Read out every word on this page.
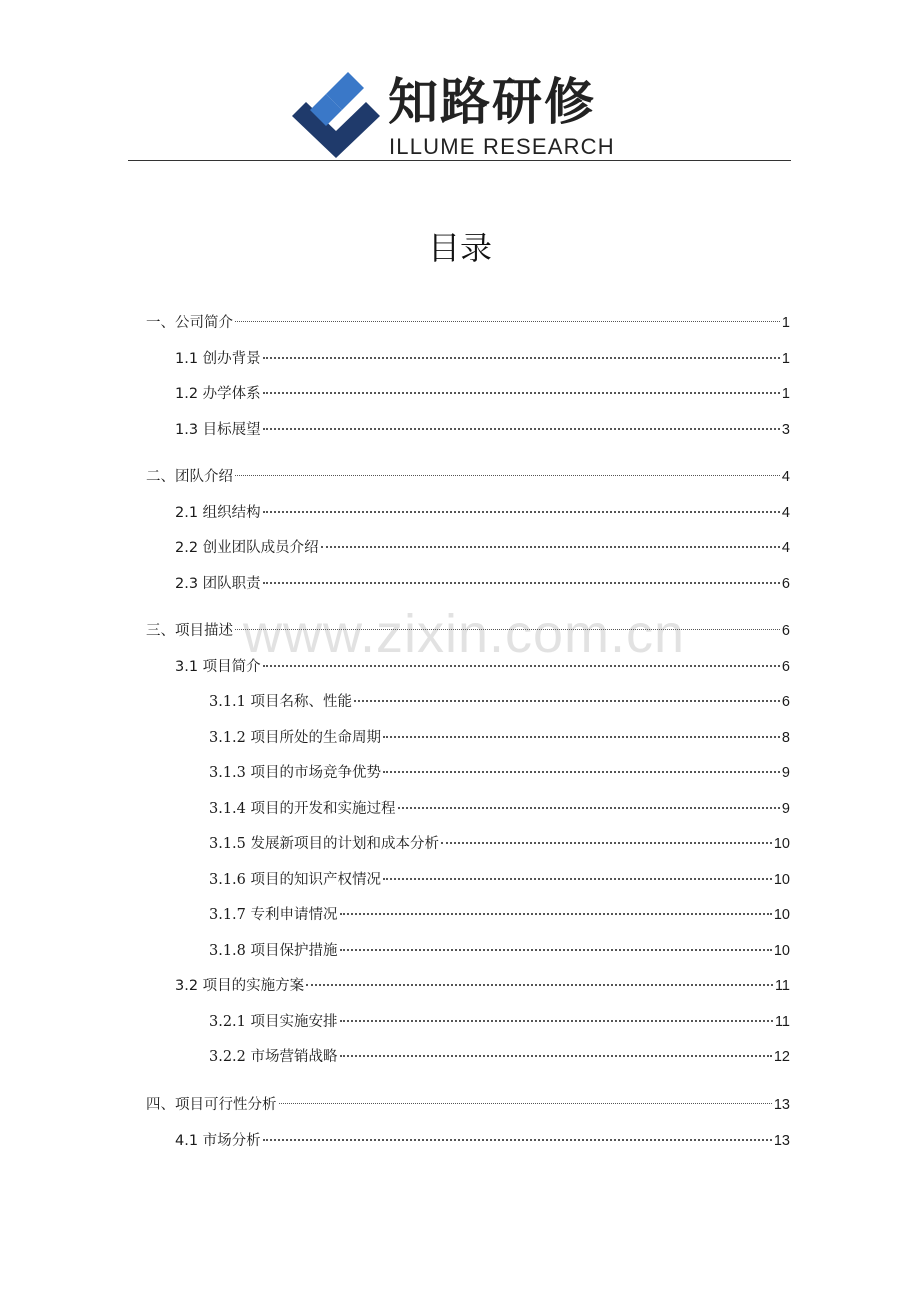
知路研修
ILLUME RESEARCH
目录
www.zixin.com.cn
一、公司简介	1
1.1 创办背景	1
1.2 办学体系	1
1.3 目标展望	3
二、团队介绍	4
2.1 组织结构	4
2.2 创业团队成员介绍	4
2.3 团队职责	6
三、项目描述	6
3.1 项目简介	6
3.1.1 项目名称、性能	6
3.1.2 项目所处的生命周期	8
3.1.3 项目的市场竞争优势	9
3.1.4 项目的开发和实施过程	9
3.1.5 发展新项目的计划和成本分析	10
3.1.6 项目的知识产权情况	10
3.1.7 专利申请情况	10
3.1.8 项目保护措施	10
3.2 项目的实施方案	11
3.2.1 项目实施安排	11
3.2.2 市场营销战略	12
四、项目可行性分析	13
4.1 市场分析	13
